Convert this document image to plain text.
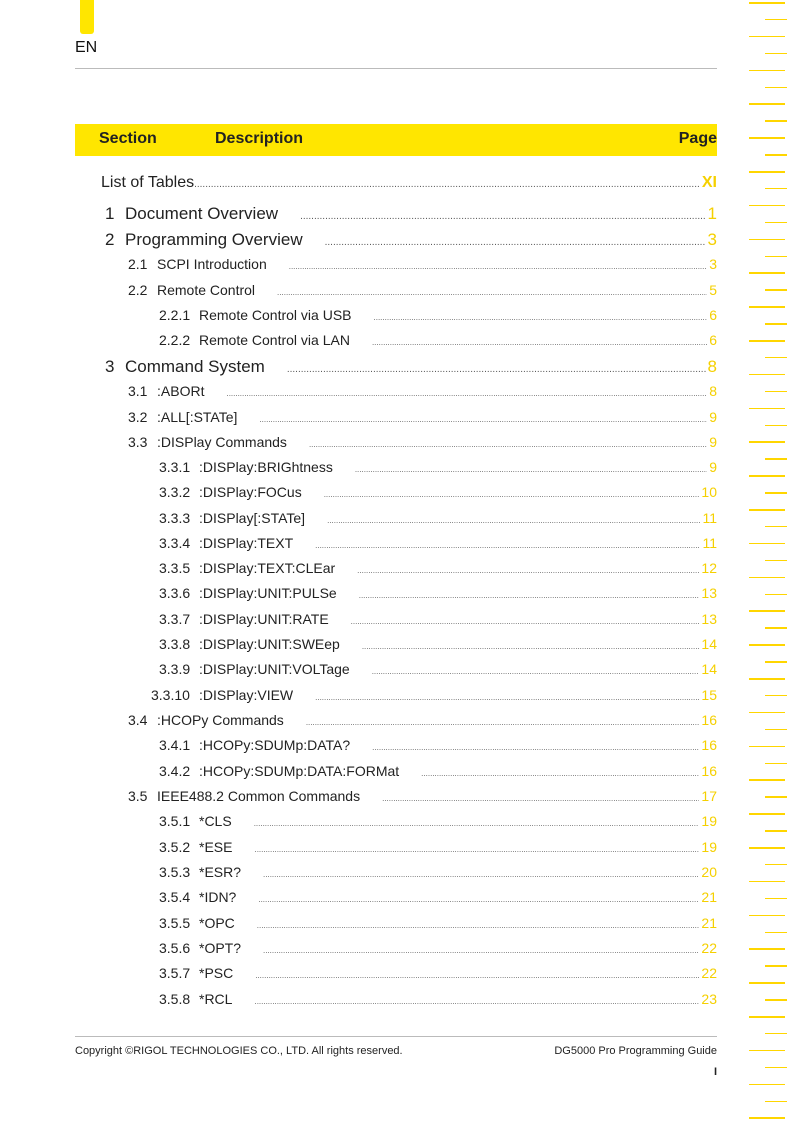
EN
Section	Description	Page
List of Tables .....	XI
1 Document Overview .....	1
2 Programming Overview .....	3
2.1 SCPI Introduction .....	3
2.2 Remote Control .....	5
2.2.1 Remote Control via USB .....	6
2.2.2 Remote Control via LAN .....	6
3 Command System .....	8
3.1 :ABORt .....	8
3.2 :ALL[:STATe] .....	9
3.3 :DISPlay Commands .....	9
3.3.1 :DISPlay:BRIGhtness .....	9
3.3.2 :DISPlay:FOCus .....	10
3.3.3 :DISPlay[:STATe] .....	11
3.3.4 :DISPlay:TEXT .....	11
3.3.5 :DISPlay:TEXT:CLEar .....	12
3.3.6 :DISPlay:UNIT:PULSe .....	13
3.3.7 :DISPlay:UNIT:RATE .....	13
3.3.8 :DISPlay:UNIT:SWEep .....	14
3.3.9 :DISPlay:UNIT:VOLTage .....	14
3.3.10 :DISPlay:VIEW .....	15
3.4 :HCOPy Commands .....	16
3.4.1 :HCOPy:SDUMp:DATA? .....	16
3.4.2 :HCOPy:SDUMp:DATA:FORMat .....	16
3.5 IEEE488.2 Common Commands .....	17
3.5.1 *CLS .....	19
3.5.2 *ESE .....	19
3.5.3 *ESR? .....	20
3.5.4 *IDN? .....	21
3.5.5 *OPC .....	21
3.5.6 *OPT? .....	22
3.5.7 *PSC .....	22
3.5.8 *RCL .....	23
Copyright ©RIGOL TECHNOLOGIES CO., LTD. All rights reserved.	DG5000 Pro Programming Guide
I
